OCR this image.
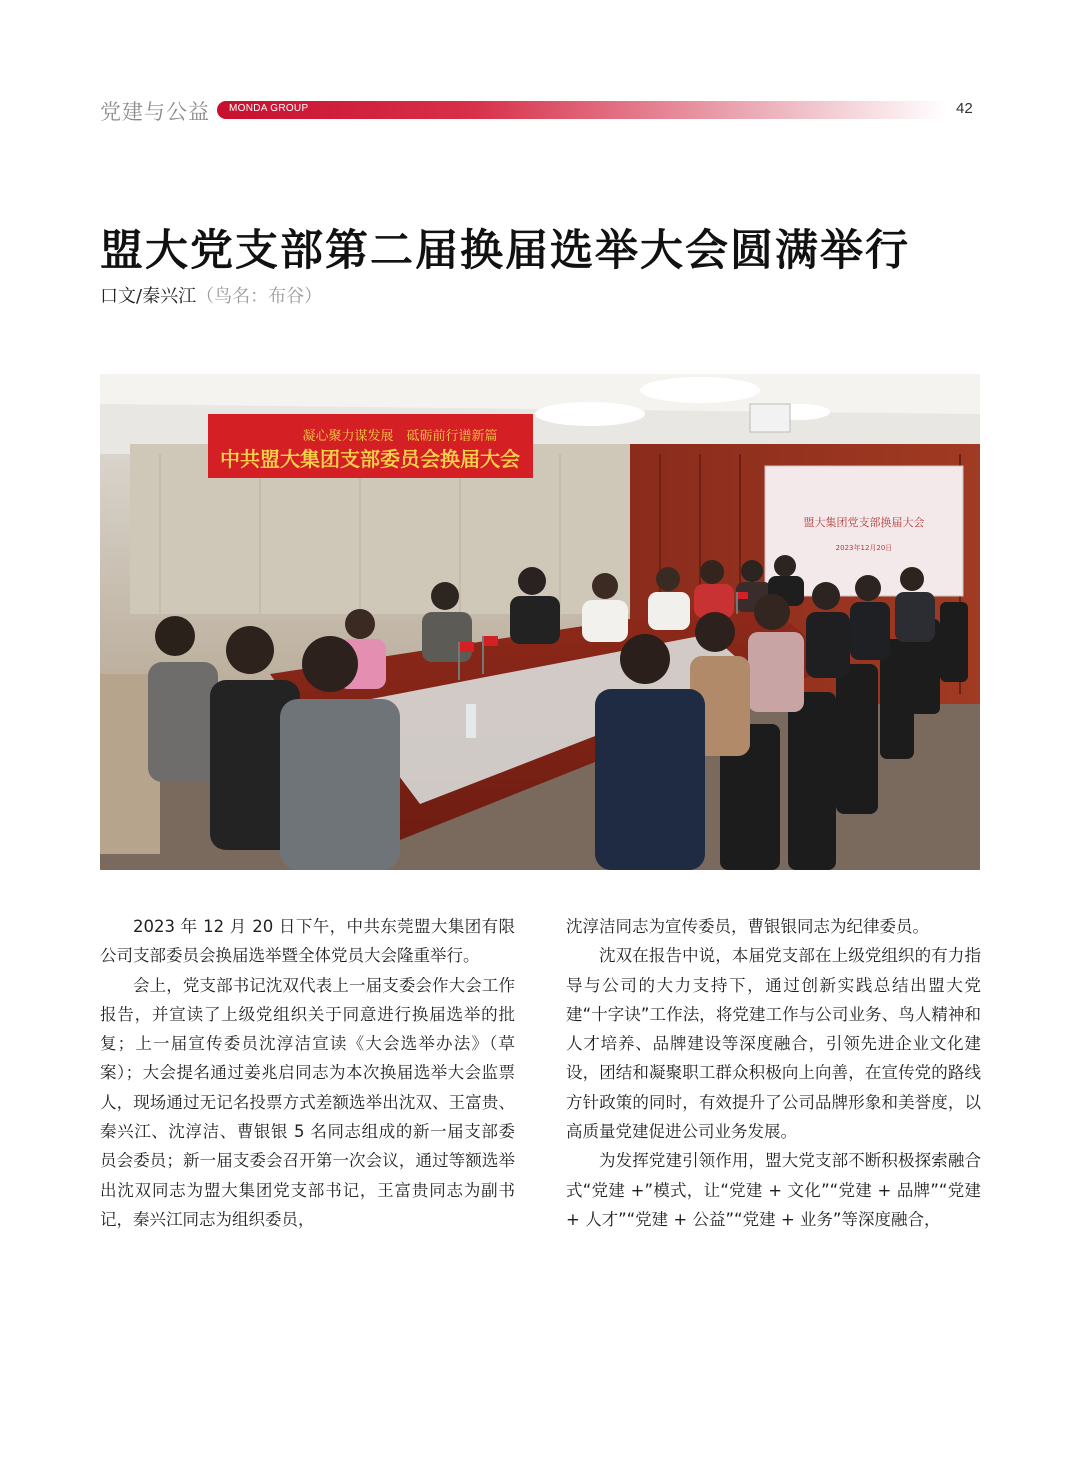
党建与公益 MONDA GROUP	42
盟大党支部第二届换届选举大会圆满举行
口文/秦兴江（鸟名：布谷）
凝心聚力谋发展　砥砺前行谱新篇
中共盟大集团支部委员会换届大会
盟大集团党支部换届大会
2023年12月20日

2023 年 12 月 20 日下午，中共东莞盟大集团有限公司支部委员会换届选举暨全体党员大会隆重举行。

会上，党支部书记沈双代表上一届支委会作大会工作报告，并宣读了上级党组织关于同意进行换届选举的批复；上一届宣传委员沈淳洁宣读《大会选举办法》（草案）；大会提名通过姜兆启同志为本次换届选举大会监票人，现场通过无记名投票方式差额选举出沈双、王富贵、秦兴江、沈淳洁、曹银银 5 名同志组成的新一届支部委员会委员；新一届支委会召开第一次会议，通过等额选举出沈双同志为盟大集团党支部书记，王富贵同志为副书记，秦兴江同志为组织委员，

沈淳洁同志为宣传委员，曹银银同志为纪律委员。

沈双在报告中说，本届党支部在上级党组织的有力指导与公司的大力支持下，通过创新实践总结出盟大党建“十字诀”工作法，将党建工作与公司业务、鸟人精神和人才培养、品牌建设等深度融合，引领先进企业文化建设，团结和凝聚职工群众积极向上向善，在宣传党的路线方针政策的同时，有效提升了公司品牌形象和美誉度，以高质量党建促进公司业务发展。

为发挥党建引领作用，盟大党支部不断积极探索融合式“党建 +”模式，让“党建 + 文化”“党建 + 品牌”“党建 + 人才”“党建 + 公益”“党建 + 业务”等深度融合，
